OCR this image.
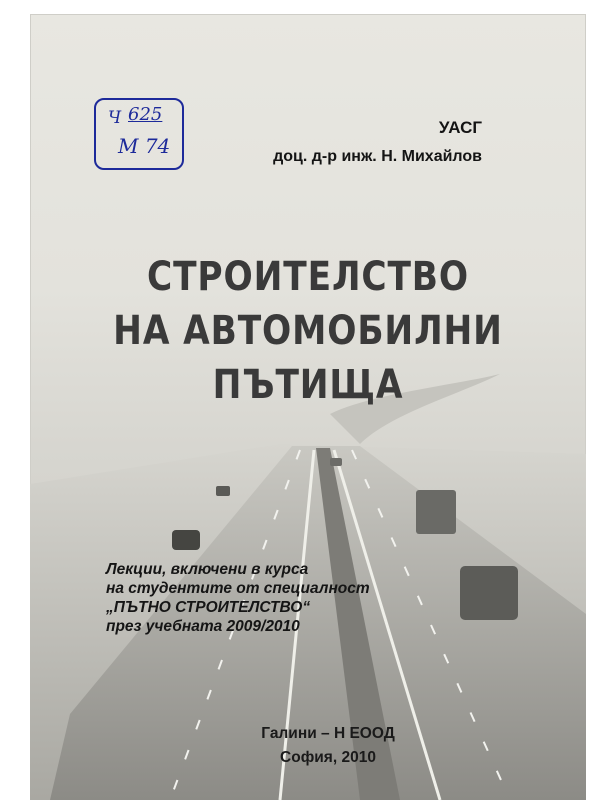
Ч 625
М 74
УАСГ
доц. д-р инж. Н. Михайлов
СТРОИТЕЛСТВО
НА АВТОМОБИЛНИ
ПЪТИЩА
Лекции, включени в курса
на студентите от специалност
„ПЪТНО СТРОИТЕЛСТВО“
през учебната 2009/2010
Галини – Н ЕООД
София, 2010
